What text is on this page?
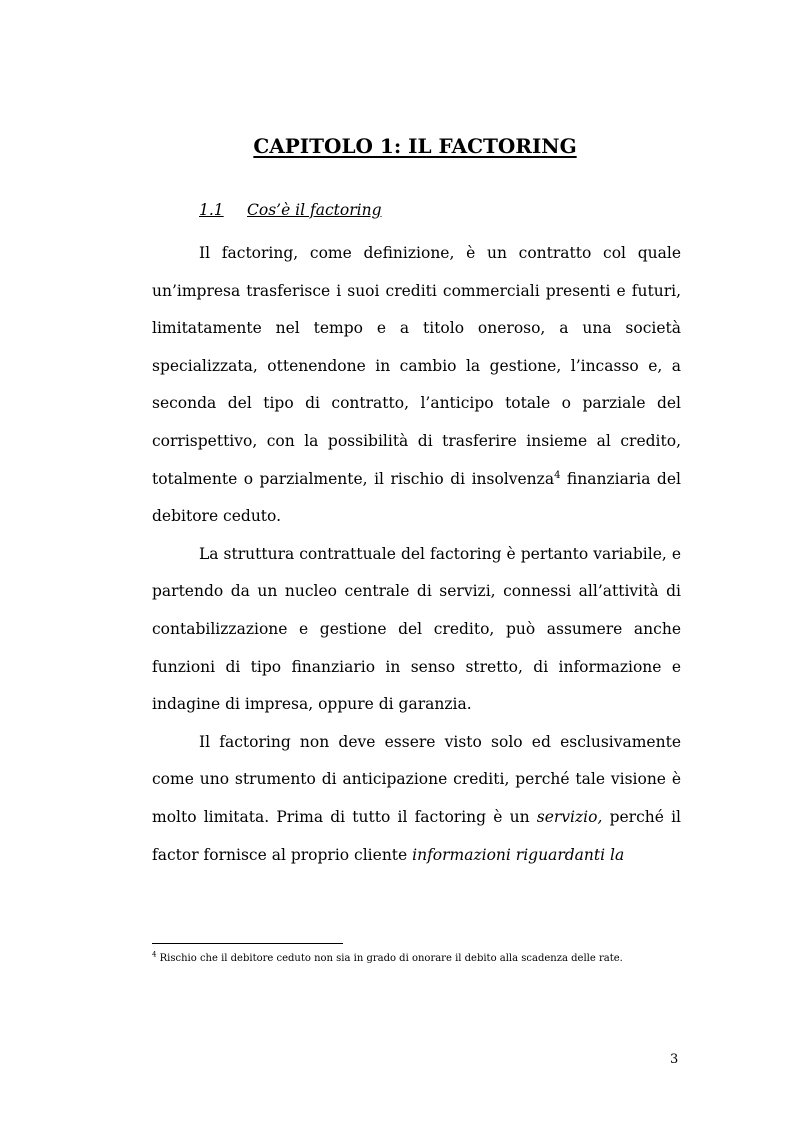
CAPITOLO 1: IL FACTORING
1.1 Cos’è il factoring

Il factoring, come definizione, è un contratto col quale un’impresa trasferisce i suoi crediti commerciali presenti e futuri, limitatamente nel tempo e a titolo oneroso, a una società specializzata, ottenendone in cambio la gestione, l’incasso e, a seconda del tipo di contratto, l’anticipo totale o parziale del corrispettivo, con la possibilità di trasferire insieme al credito, totalmente o parzialmente, il rischio di insolvenza$^4$ finanziaria del debitore ceduto.

La struttura contrattuale del factoring è pertanto variabile, e partendo da un nucleo centrale di servizi, connessi all’attività di contabilizzazione e gestione del credito, può assumere anche funzioni di tipo finanziario in senso stretto, di informazione e indagine di impresa, oppure di garanzia.

Il factoring non deve essere visto solo ed esclusivamente come uno strumento di anticipazione crediti, perché tale visione è molto limitata. Prima di tutto il factoring è un servizio, perché il factor fornisce al proprio cliente informazioni riguardanti la

$^4$ Rischio che il debitore ceduto non sia in grado di onorare il debito alla scadenza delle rate.
3
